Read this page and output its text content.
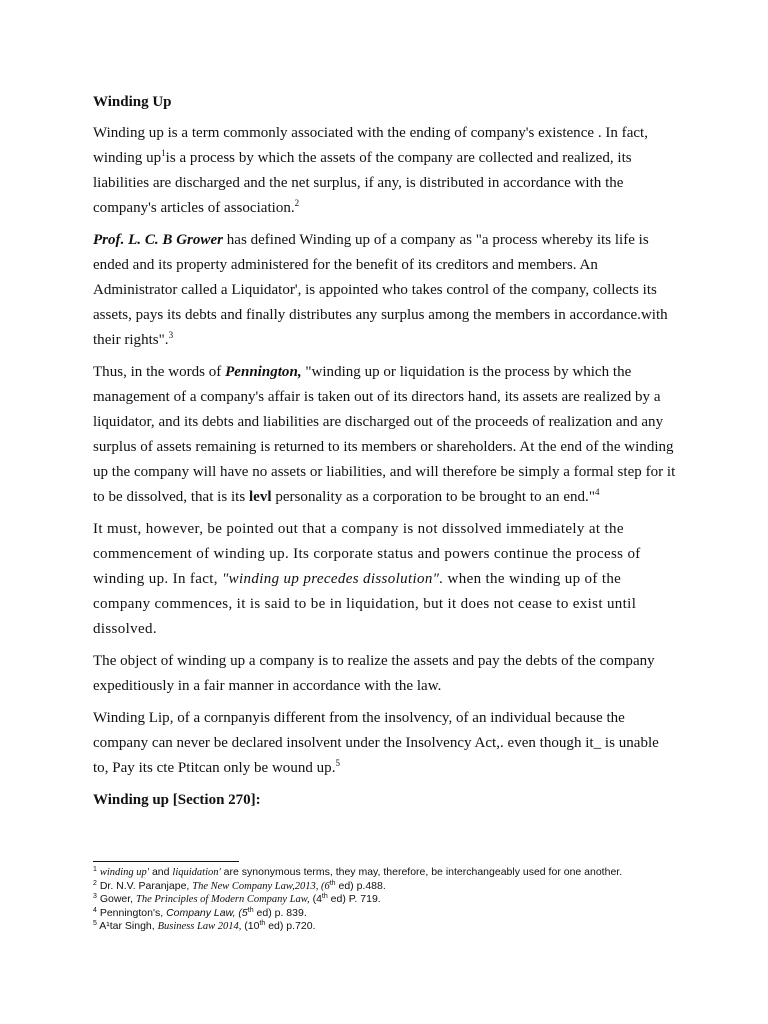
Winding Up

Winding up is a term commonly associated with the ending of company's existence . In fact, winding $up^1is$ a process by which the assets of the company are collected and realized, its liabilities are discharged and the net surplus, if any, is distributed in accordance with the company's articles of association.$^2$

Prof. L. C. B Grower has defined Winding up of a company as "a process whereby its life is ended and its property administered for the benefit of its creditors and members. An Administrator called a Liquidator', is appointed who takes control of the company, collects its assets, pays its debts and finally distributes any surplus among the members in accordance.with their rights".$^3$

Thus, in the words of Pennington, "winding up or liquidation is the process by which the management of a company's affair is taken out of its directors hand, its assets are realized by a liquidator, and its debts and liabilities are discharged out of the proceeds of realization and any surplus of assets remaining is returned to its members or shareholders. At the end of the winding up the company will have no assets or liabilities, and will therefore be simply a formal step for it to be dissolved, that is its levl personality as a corporation to be brought to an end."$^4$

It must, however, be pointed out that a company is not dissolved immediately at the commencement of winding up. Its corporate status and powers continue the process of winding up. In fact, "winding up precedes dissolution". when the winding up of the company commences, it is said to be in liquidation, but it does not cease to exist until dissolved.

The object of winding up a company is to realize the assets and pay the debts of the company expeditiously in a fair manner in accordance with the law.

Winding Lip, of a cornpanyis different from the insolvency, of an individual because the company can never be declared insolvent under the Insolvency Act,. even though it_ is unable to, Pay its cte Ptitcan only be wound up.$^5$

Winding up [Section 270]:
$^1$ winding up' and liquidation' are synonymous terms, they may, therefore, be interchangeably used for one another.
$^2$ Dr. N.V. Paranjape, The New Company Law,2013, (6th ed) p.488.
$^3$ Gower, The Principles of Modern Company Law, (4th ed) P. 719.
$^4$ Pennington's, Company Law, (5th ed) p. 839.
$^5$ A¹tar Singh, Business Law 2014, (10th ed) p.720.
